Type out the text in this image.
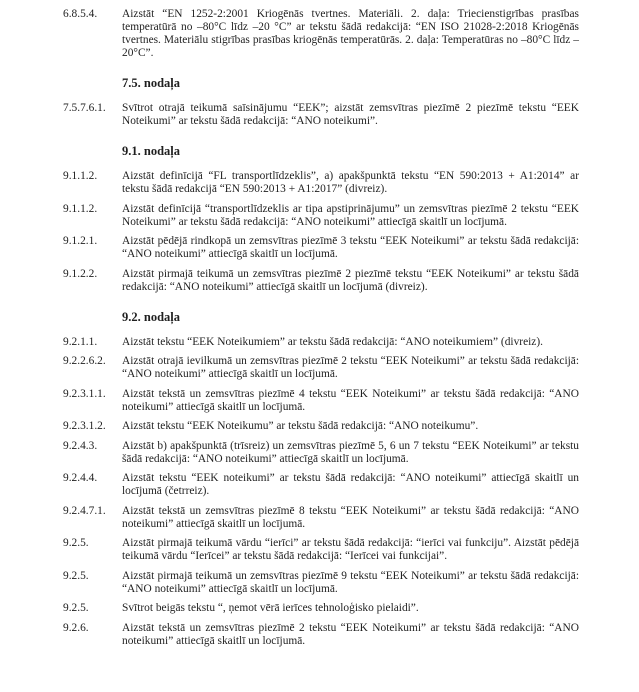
6.8.5.4.	Aizstāt “EN 1252-2:2001 Kriogēnās tvertnes. Materiāli. 2. daļa: Triecienstigrības prasības temperatūrā no –80°C līdz –20 °C” ar tekstu šādā redakcijā: “EN ISO 21028-2:2018 Kriogēnās tvertnes. Materiālu stigrības prasības kriogēnās temperatūrās. 2. daļa: Temperatūras no –80°C līdz –20°C”.
7.5. nodaļa
7.5.7.6.1.	Svītrot otrajā teikumā saīsinājumu “EEK”; aizstāt zemsvītras piezīmē 2 piezīmē tekstu “EEK Noteikumi” ar tekstu šādā redakcijā: “ANO noteikumi”.
9.1. nodaļa
9.1.1.2.	Aizstāt definīcijā “FL transportlīdzeklis”, a) apakšpunktā tekstu “EN 590:2013 + A1:2014” ar tekstu šādā redakcijā “EN 590:2013 + A1:2017” (divreiz).
9.1.1.2.	Aizstāt definīcijā “transportlīdzeklis ar tipa apstiprinājumu” un zemsvītras piezīmē 2 tekstu “EEK Noteikumi” ar tekstu šādā redakcijā: “ANO noteikumi” attiecīgā skaitlī un locījumā.
9.1.2.1.	Aizstāt pēdējā rindkopā un zemsvītras piezīmē 3 tekstu “EEK Noteikumi” ar tekstu šādā redakcijā: “ANO noteikumi” attiecīgā skaitlī un locījumā.
9.1.2.2.	Aizstāt pirmajā teikumā un zemsvītras piezīmē 2 piezīmē tekstu “EEK Noteikumi” ar tekstu šādā redakcijā: “ANO noteikumi” attiecīgā skaitlī un locījumā (divreiz).
9.2. nodaļa
9.2.1.1.	Aizstāt tekstu “EEK Noteikumiem” ar tekstu šādā redakcijā: “ANO noteikumiem” (divreiz).
9.2.2.6.2.	Aizstāt otrajā ievilkumā un zemsvītras piezīmē 2 tekstu “EEK Noteikumi” ar tekstu šādā redakcijā: “ANO noteikumi” attiecīgā skaitlī un locījumā.
9.2.3.1.1.	Aizstāt tekstā un zemsvītras piezīmē 4 tekstu “EEK Noteikumi” ar tekstu šādā redakcijā: “ANO noteikumi” attiecīgā skaitlī un locījumā.
9.2.3.1.2.	Aizstāt tekstu “EEK Noteikumu” ar tekstu šādā redakcijā: “ANO noteikumu”.
9.2.4.3.	Aizstāt b) apakšpunktā (trīsreiz) un zemsvītras piezīmē 5, 6 un 7 tekstu “EEK Noteikumi” ar tekstu šādā redakcijā: “ANO noteikumi” attiecīgā skaitlī un locījumā.
9.2.4.4.	Aizstāt tekstu “EEK noteikumi” ar tekstu šādā redakcijā: “ANO noteikumi” attiecīgā skaitlī un locījumā (četrreiz).
9.2.4.7.1.	Aizstāt tekstā un zemsvītras piezīmē 8 tekstu “EEK Noteikumi” ar tekstu šādā redakcijā: “ANO noteikumi” attiecīgā skaitlī un locījumā.
9.2.5.	Aizstāt pirmajā teikumā vārdu “ierīci” ar tekstu šādā redakcijā: “ierīci vai funkciju”. Aizstāt pēdējā teikumā vārdu “Ierīcei” ar tekstu šādā redakcijā: “Ierīcei vai funkcijai”.
9.2.5.	Aizstāt pirmajā teikumā un zemsvītras piezīmē 9 tekstu “EEK Noteikumi” ar tekstu šādā redakcijā: “ANO noteikumi” attiecīgā skaitlī un locījumā.
9.2.5.	Svītrot beigās tekstu “, ņemot vērā ierīces tehnoloģisko pielaidi”.
9.2.6.	Aizstāt tekstā un zemsvītras piezīmē 2 tekstu “EEK Noteikumi” ar tekstu šādā redakcijā: “ANO noteikumi” attiecīgā skaitlī un locījumā.
